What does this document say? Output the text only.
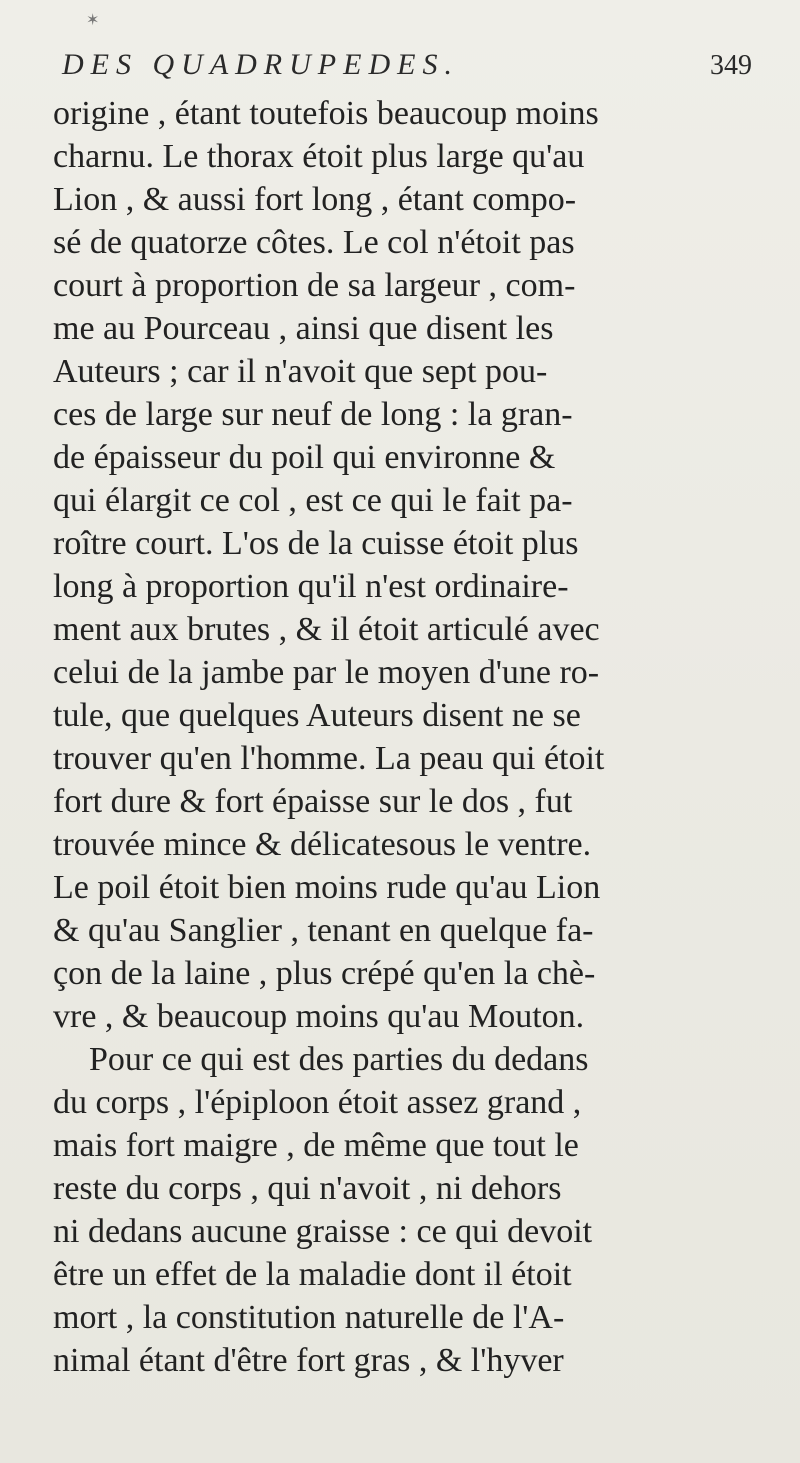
✶
DES QUADRUPEDES.	349
origine , étant toutefois beaucoup moins
charnu. Le thorax étoit plus large qu'au
Lion , & aussi fort long , étant compo-
sé de quatorze côtes. Le col n'étoit pas
court à proportion de sa largeur , com-
me au Pourceau , ainsi que disent les
Auteurs ; car il n'avoit que sept pou-
ces de large sur neuf de long : la gran-
de épaisseur du poil qui environne &
qui élargit ce col , est ce qui le fait pa-
roître court. L'os de la cuisse étoit plus
long à proportion qu'il n'est ordinaire-
ment aux brutes , & il étoit articulé avec
celui de la jambe par le moyen d'une ro-
tule, que quelques Auteurs disent ne se
trouver qu'en l'homme. La peau qui étoit
fort dure & fort épaisse sur le dos , fut
trouvée mince & délicatesous le ventre.
Le poil étoit bien moins rude qu'au Lion
& qu'au Sanglier , tenant en quelque fa-
çon de la laine , plus crépé qu'en la chè-
vre , & beaucoup moins qu'au Mouton.
Pour ce qui est des parties du dedans
du corps , l'épiploon étoit assez grand ,
mais fort maigre , de même que tout le
reste du corps , qui n'avoit , ni dehors
ni dedans aucune graisse : ce qui devoit
être un effet de la maladie dont il étoit
mort , la constitution naturelle de l'A-
nimal étant d'être fort gras , & l'hyver
